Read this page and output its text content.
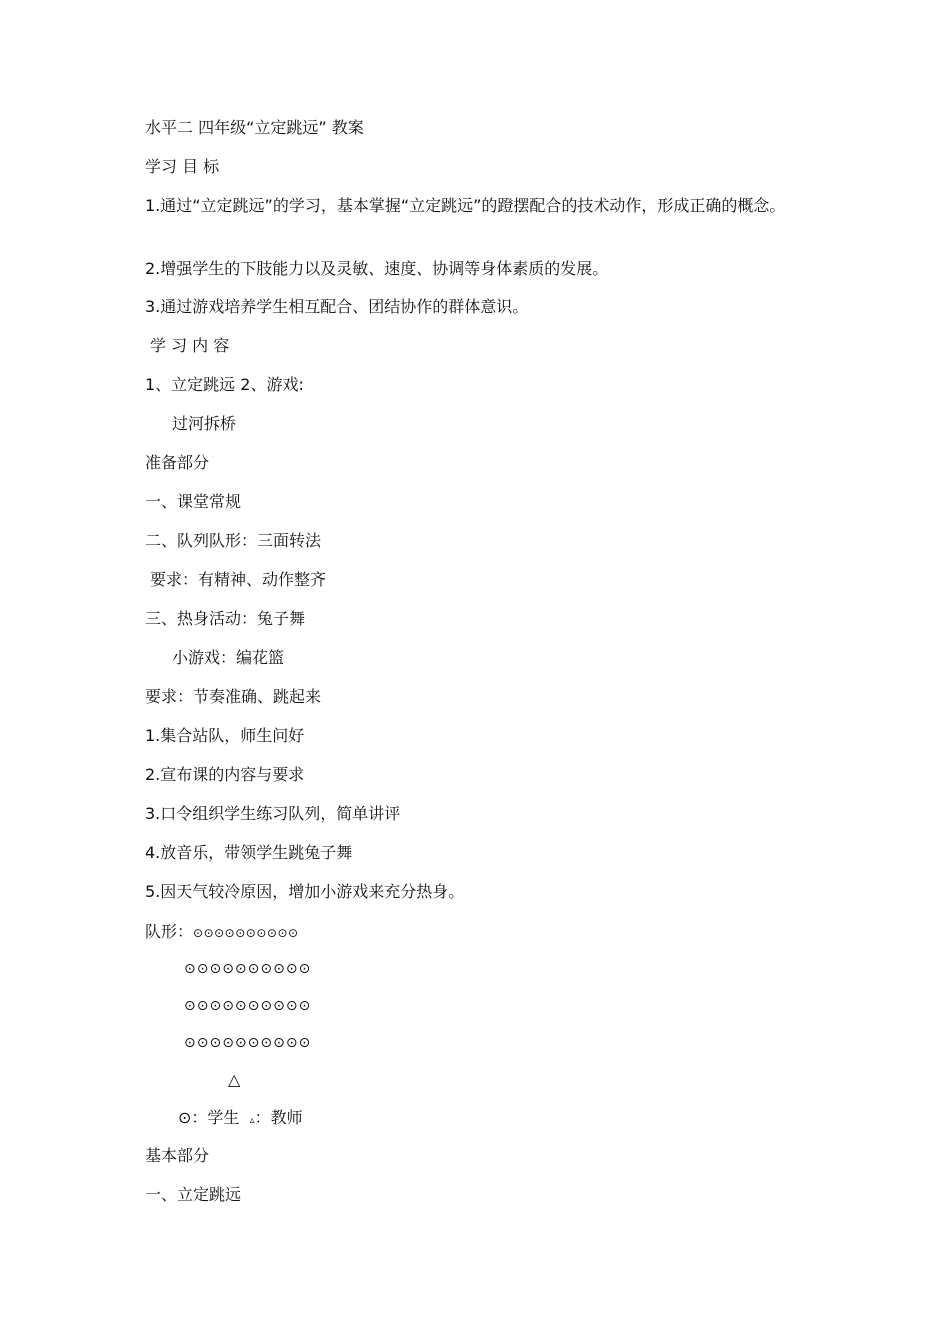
水平二 四年级“立定跳远” 教案
学习 目 标
1.通过“立定跳远”的学习，基本掌握“立定跳远”的蹬摆配合的技术动作，形成正确的概念。
2.增强学生的下肢能力以及灵敏、速度、协调等身体素质的发展。
3.通过游戏培养学生相互配合、团结协作的群体意识。
学 习 内 容
1、立定跳远 2、游戏:
过河拆桥
准备部分
一、课堂常规
二、队列队形：三面转法
要求：有精神、动作整齐
三、热身活动：兔子舞
小游戏：编花篮
要求：节奏准确、跳起来
1.集合站队，师生问好
2.宣布课的内容与要求
3.口令组织学生练习队列，简单讲评
4.放音乐，带领学生跳兔子舞
5.因天气较冷原因，增加小游戏来充分热身。
队形：⊙⊙⊙⊙⊙⊙⊙⊙⊙⊙
⊙⊙⊙⊙⊙⊙⊙⊙⊙⊙
⊙⊙⊙⊙⊙⊙⊙⊙⊙⊙
⊙⊙⊙⊙⊙⊙⊙⊙⊙⊙
△
⊙：学生 ▵：教师
基本部分
一、立定跳远
